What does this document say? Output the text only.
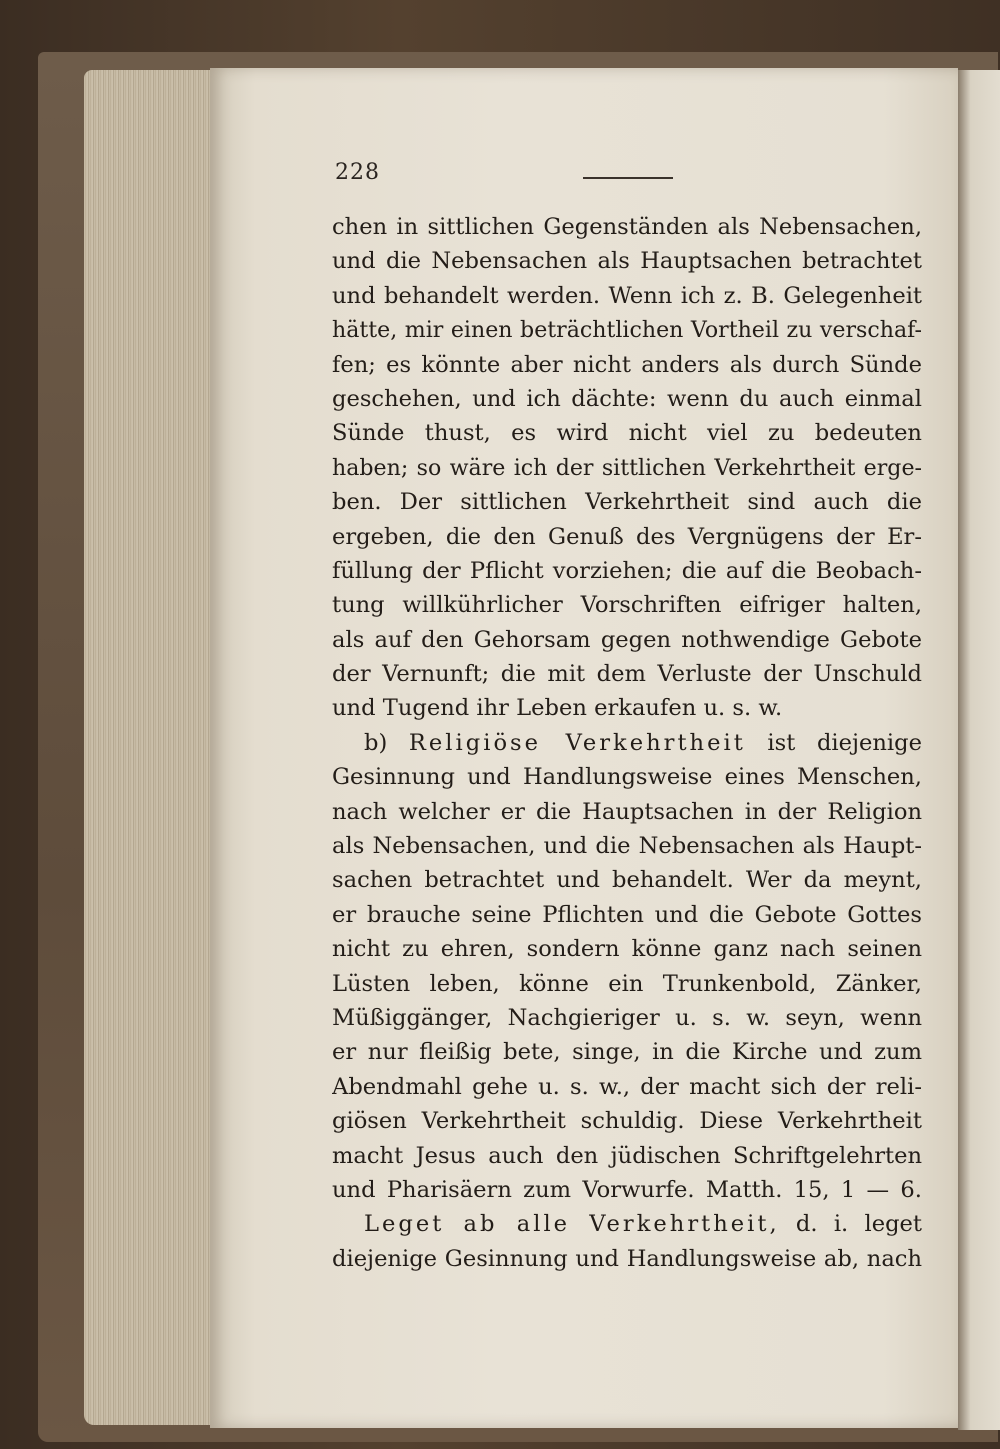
228
chen in sittlichen Gegenständen als Nebensachen,
und die Nebensachen als Hauptsachen betrachtet
und behandelt werden. Wenn ich z. B. Gelegenheit
hätte, mir einen beträchtlichen Vortheil zu verschaf-
fen; es könnte aber nicht anders als durch Sünde
geschehen, und ich dächte: wenn du auch einmal
Sünde thust, es wird nicht viel zu bedeuten
haben; so wäre ich der sittlichen Verkehrtheit erge-
ben. Der sittlichen Verkehrtheit sind auch die
ergeben, die den Genuß des Vergnügens der Er-
füllung der Pflicht vorziehen; die auf die Beobach-
tung willkührlicher Vorschriften eifriger halten,
als auf den Gehorsam gegen nothwendige Gebote
der Vernunft; die mit dem Verluste der Unschuld
und Tugend ihr Leben erkaufen u. s. w.
b) Religiöse Verkehrtheit ist diejenige
Gesinnung und Handlungsweise eines Menschen,
nach welcher er die Hauptsachen in der Religion
als Nebensachen, und die Nebensachen als Haupt-
sachen betrachtet und behandelt. Wer da meynt,
er brauche seine Pflichten und die Gebote Gottes
nicht zu ehren, sondern könne ganz nach seinen
Lüsten leben, könne ein Trunkenbold, Zänker,
Müßiggänger, Nachgieriger u. s. w. seyn, wenn
er nur fleißig bete, singe, in die Kirche und zum
Abendmahl gehe u. s. w., der macht sich der reli-
giösen Verkehrtheit schuldig. Diese Verkehrtheit
macht Jesus auch den jüdischen Schriftgelehrten
und Pharisäern zum Vorwurfe. Matth. 15, 1 — 6.
Leget ab alle Verkehrtheit, d. i. leget
diejenige Gesinnung und Handlungsweise ab, nach
